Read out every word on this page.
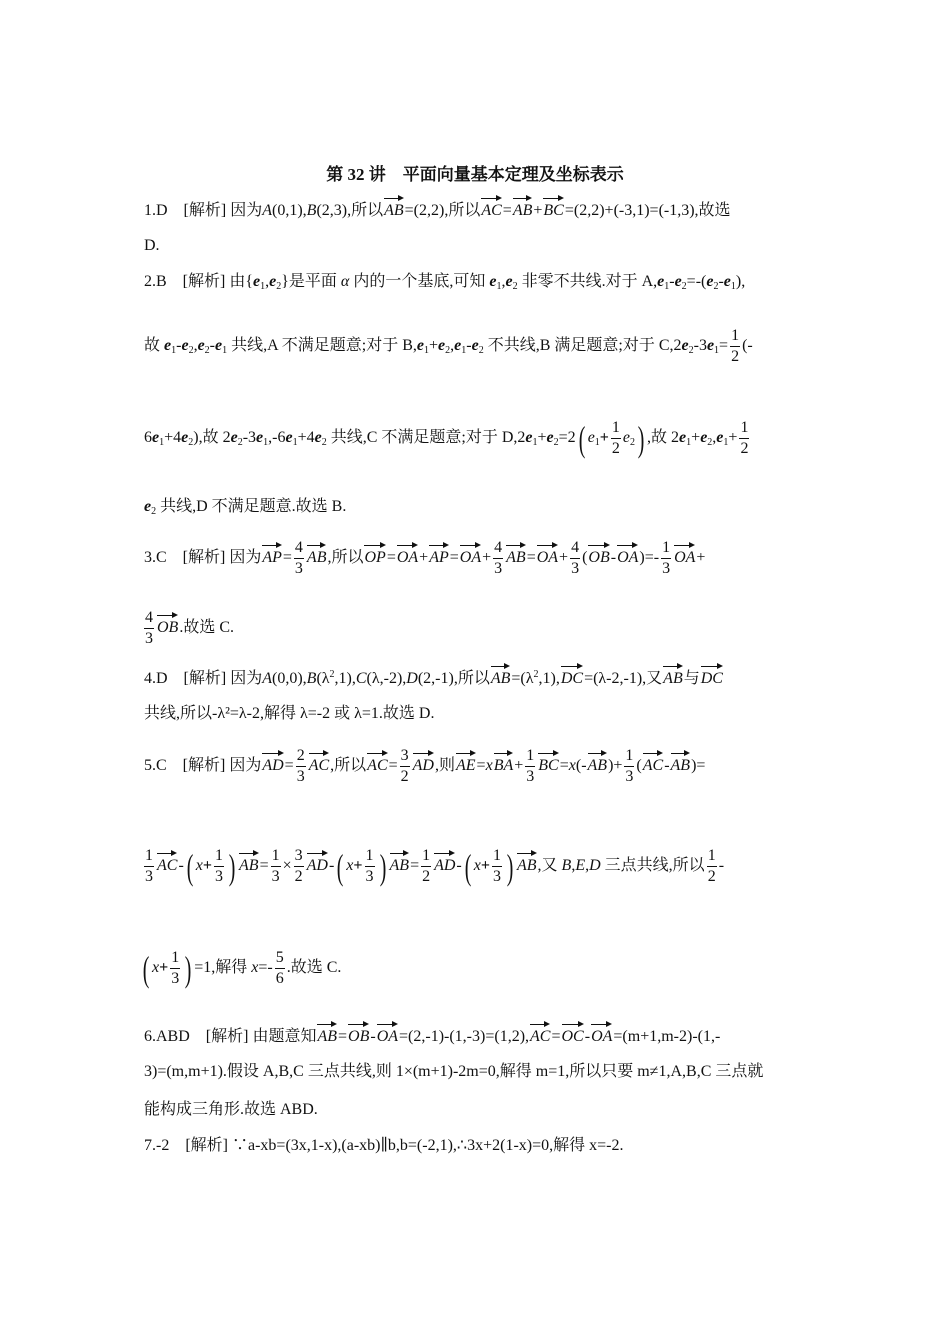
第 32 讲　平面向量基本定理及坐标表示
1.D　[解析] 因为A(0,1),B(2,3),所以AB=(2,2),所以AC=AB+BC=(2,2)+(-3,1)=(-1,3),故选
D.
2.B　[解析] 由$\{e_1,e_2\}$是平面 α 内的一个基底,可知 $e_1,e_2$ 非零不共线.对于 $A,e_1-e_2=-(e_2-e_1)$,
故 $e_1-e_2,e_2-e_1$ 共线,A 不满足题意;对于 $B,e_1+e_2,e_1-e_2$ 不共线,B 满足题意;对于 $C,2e_2-3e_1= \frac{1}{2}$ (-
$6e_1+4e_2$),故 $2e_2-3e_1,-6e_1+4e_2$ 共线,C 不满足题意;对于 $D,2e_1+e_2=2$( $e_1+ \frac{1}{2} e_2$) ,故 $2e_1+e_2,e_1+ \frac{1}{2}$
$e_2$ 共线,D 不满足题意.故选 B.
3.C　[解析] 因为$AP= \frac{4}{3}$ AB,所以$OP=OA+AP=OA+ \frac{4}{3} AB=OA+ \frac{4}{3} (OB-OA)=- \frac{1}{3} OA+$
$\frac{4}{3}$ OB.故选 C.
4.D　[解析] 因为$A(0,0),B(\lambda^2,1),C(\lambda,-2),D(2,-1)$,所以$AB=(\lambda^2,1),DC=(\lambda-2,-1)$,又AB与DC
共线,所以-λ²=λ-2,解得 λ=-2 或 λ=1.故选 D.
5.C　[解析] 因为$AD= \frac{2}{3}$ AC,所以$AC= \frac{3}{2}$ AD,则$AE=xBA+ \frac{1}{3} BC=x(-AB)+ \frac{1}{3} (AC-AB)=$
$\frac{1}{3} AC-$( $x+ \frac{1}{3}$ ) $AB= \frac{1}{3} \times \frac{3}{2} AD-$( $x+ \frac{1}{3}$ ) $AB= \frac{1}{2} AD-$( $x+ \frac{1}{3}$ ) AB,又 B,E,D 三点共线,所以 $\frac{1}{2}$ -
( $x+ \frac{1}{3}$ ) =1,解得 $x=- \frac{5}{6}$ .故选 C.
6.ABD　[解析] 由题意知AB=OB-OA=(2,-1)-(1,-3)=(1,2),AC=OC-OA=(m+1,m-2)-(1,-
3)=(m,m+1).假设 A,B,C 三点共线,则 1×(m+1)-2m=0,解得 m=1,所以只要 m≠1,A,B,C 三点就
能构成三角形.故选 ABD.
7.-2　[解析] ∵a-xb=(3x,1-x),(a-xb)∥b,b=(-2,1),∴3x+2(1-x)=0,解得 x=-2.
